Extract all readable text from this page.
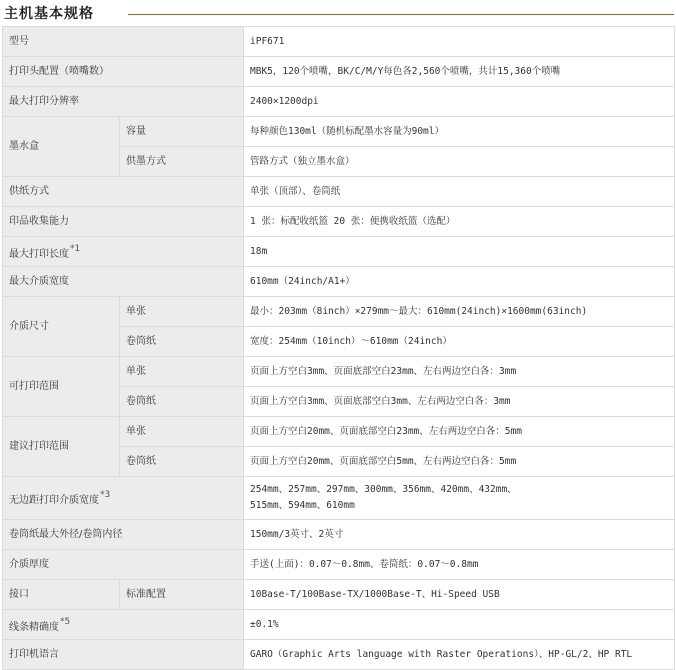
主机基本规格
型号		iPF671
打印头配置（喷嘴数）		MBK5，120个喷嘴，BK/C/M/Y每色各2,560个喷嘴，共计15,360个喷嘴
最大打印分辨率		2400×1200dpi
墨水盒	容量	每种颜色130ml（随机标配墨水容量为90ml）
	供墨方式	管路方式（独立墨水盒）
供纸方式		单张（顶部）、卷筒纸
印品收集能力		1 张：标配收纸篮 20 张：便携收纸篮（选配）
最大打印长度$^{*1}$		18m
最大介质宽度		610mm（24inch/A1+）
介质尺寸	单张	最小：203mm（8inch）×279mm～最大：610mm(24inch)×1600mm(63inch)
	卷筒纸	宽度：254mm（10inch）～610mm（24inch）
可打印范围	单张	页面上方空白3mm、页面底部空白23mm、左右两边空白各：3mm
	卷筒纸	页面上方空白3mm、页面底部空白3mm、左右两边空白各：3mm
建议打印范围	单张	页面上方空白20mm、页面底部空白23mm、左右两边空白各：5mm
	卷筒纸	页面上方空白20mm、页面底部空白5mm、左右两边空白各：5mm
无边距打印介质宽度$^{*3}$		254mm、257mm、297mm、300mm、356mm、420mm、432mm、
515mm、594mm、610mm

卷筒纸最大外径/卷筒内径		150mm/3英寸、2英寸
介质厚度		手送(上面)：0.07～0.8mm、卷筒纸：0.07～0.8mm
接口	标准配置	10Base-T/100Base-TX/1000Base-T、Hi-Speed USB
线条精确度$^{*5}$		±0.1%
打印机语言		GARO（Graphic Arts language with Raster Operations）、HP-GL/2、HP RTL
